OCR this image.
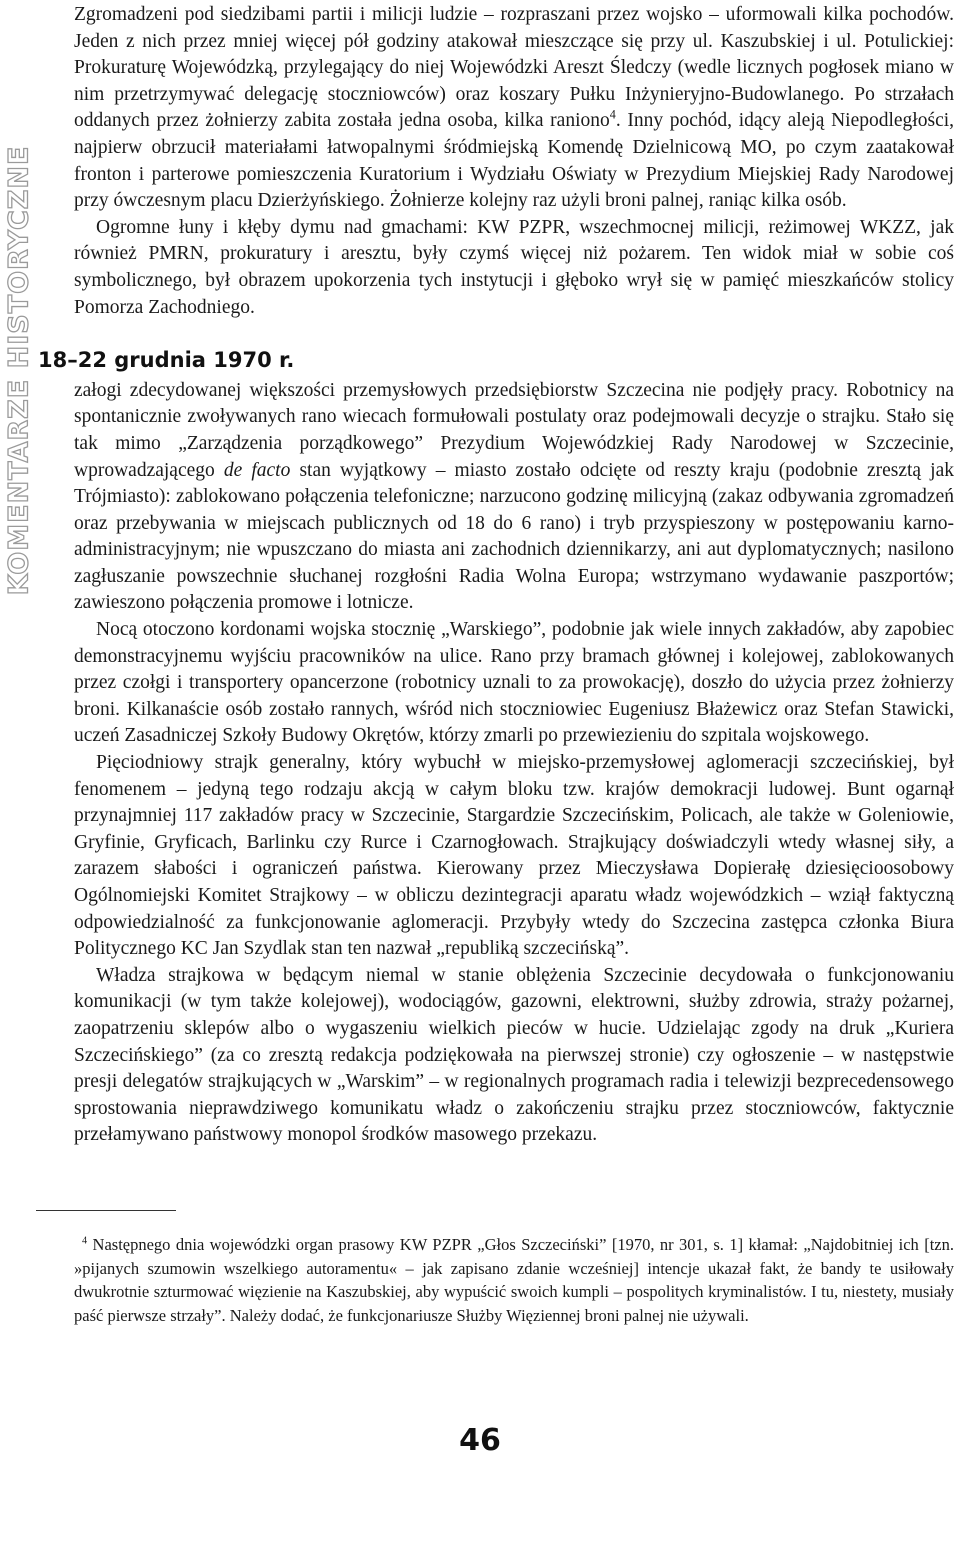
KOMENTARZE HISTORYCZNE

Zgromadzeni pod siedzibami partii i milicji ludzie – rozpraszani przez wojsko – uformowali kilka pochodów. Jeden z nich przez mniej więcej pół godziny atakował mieszczące się przy ul. Kaszubskiej i ul. Potulickiej: Prokuraturę Wojewódzką, przylegający do niej Wojewódzki Areszt Śledczy (wedle licznych pogłosek miano w nim przetrzymywać delegację stoczniowców) oraz koszary Pułku Inżynieryjno-Budowlanego. Po strzałach oddanych przez żołnierzy zabita została jedna osoba, kilka raniono$^4$. Inny pochód, idący aleją Niepodległości, najpierw obrzucił materiałami łatwopalnymi śródmiejską Komendę Dzielnicową MO, po czym zaatakował fronton i parterowe pomieszczenia Kuratorium i Wydziału Oświaty w Prezydium Miejskiej Rady Narodowej przy ówczesnym placu Dzierżyńskiego. Żołnierze kolejny raz użyli broni palnej, raniąc kilka osób.

Ogromne łuny i kłęby dymu nad gmachami: KW PZPR, wszechmocnej milicji, reżimowej WKZZ, jak również PMRN, prokuratury i aresztu, były czymś więcej niż pożarem. Ten widok miał w sobie coś symbolicznego, był obrazem upokorzenia tych instytucji i głęboko wrył się w pamięć mieszkańców stolicy Pomorza Zachodniego.

18–22 grudnia 1970 r.

załogi zdecydowanej większości przemysłowych przedsiębiorstw Szczecina nie podjęły pracy. Robotnicy na spontanicznie zwoływanych rano wiecach formułowali postulaty oraz podejmowali decyzje o strajku. Stało się tak mimo „Zarządzenia porządkowego” Prezydium Wojewódzkiej Rady Narodowej w Szczecinie, wprowadzającego de facto stan wyjątkowy – miasto zostało odcięte od reszty kraju (podobnie zresztą jak Trójmiasto): zablokowano połączenia telefoniczne; narzucono godzinę milicyjną (zakaz odbywania zgromadzeń oraz przebywania w miejscach publicznych od 18 do 6 rano) i tryb przyspieszony w postępowaniu karno-administracyjnym; nie wpuszczano do miasta ani zachodnich dziennikarzy, ani aut dyplomatycznych; nasilono zagłuszanie powszechnie słuchanej rozgłośni Radia Wolna Europa; wstrzymano wydawanie paszportów; zawieszono połączenia promowe i lotnicze.

Nocą otoczono kordonami wojska stocznię „Warskiego”, podobnie jak wiele innych zakładów, aby zapobiec demonstracyjnemu wyjściu pracowników na ulice. Rano przy bramach głównej i kolejowej, zablokowanych przez czołgi i transportery opancerzone (robotnicy uznali to za prowokację), doszło do użycia przez żołnierzy broni. Kilkanaście osób zostało rannych, wśród nich stoczniowiec Eugeniusz Błażewicz oraz Stefan Stawicki, uczeń Zasadniczej Szkoły Budowy Okrętów, którzy zmarli po przewiezieniu do szpitala wojskowego.

Pięciodniowy strajk generalny, który wybuchł w miejsko-przemysłowej aglomeracji szczecińskiej, był fenomenem – jedyną tego rodzaju akcją w całym bloku tzw. krajów demokracji ludowej. Bunt ogarnął przynajmniej 117 zakładów pracy w Szczecinie, Stargardzie Szczecińskim, Policach, ale także w Goleniowie, Gryfinie, Gryficach, Barlinku czy Rurce i Czarnogłowach. Strajkujący doświadczyli wtedy własnej siły, a zarazem słabości i ograniczeń państwa. Kierowany przez Mieczysława Dopierałę dziesięcioosobowy Ogólnomiejski Komitet Strajkowy – w obliczu dezintegracji aparatu władz wojewódzkich – wziął faktyczną odpowiedzialność za funkcjonowanie aglomeracji. Przybyły wtedy do Szczecina zastępca członka Biura Politycznego KC Jan Szydlak stan ten nazwał „republiką szczecińską”.

Władza strajkowa w będącym niemal w stanie oblężenia Szczecinie decydowała o funkcjonowaniu komunikacji (w tym także kolejowej), wodociągów, gazowni, elektrowni, służby zdrowia, straży pożarnej, zaopatrzeniu sklepów albo o wygaszeniu wielkich pieców w hucie. Udzielając zgody na druk „Kuriera Szczecińskiego” (za co zresztą redakcja podziękowała na pierwszej stronie) czy ogłoszenie – w następstwie presji delegatów strajkujących w „Warskim” – w regionalnych programach radia i telewizji bezprecedensowego sprostowania nieprawdziwego komunikatu władz o zakończeniu strajku przez stoczniowców, faktycznie przełamywano państwowy monopol środków masowego przekazu.

$^4$ Następnego dnia wojewódzki organ prasowy KW PZPR „Głos Szczeciński” [1970, nr 301, s. 1] kłamał: „Najdobitniej ich [tzn. »pijanych szumowin wszelkiego autoramentu« – jak zapisano zdanie wcześniej] intencje ukazał fakt, że bandy te usiłowały dwukrotnie szturmować więzienie na Kaszubskiej, aby wypuścić swoich kumpli – pospolitych kryminalistów. I tu, niestety, musiały paść pierwsze strzały”. Należy dodać, że funkcjonariusze Służby Więziennej broni palnej nie używali.

46
